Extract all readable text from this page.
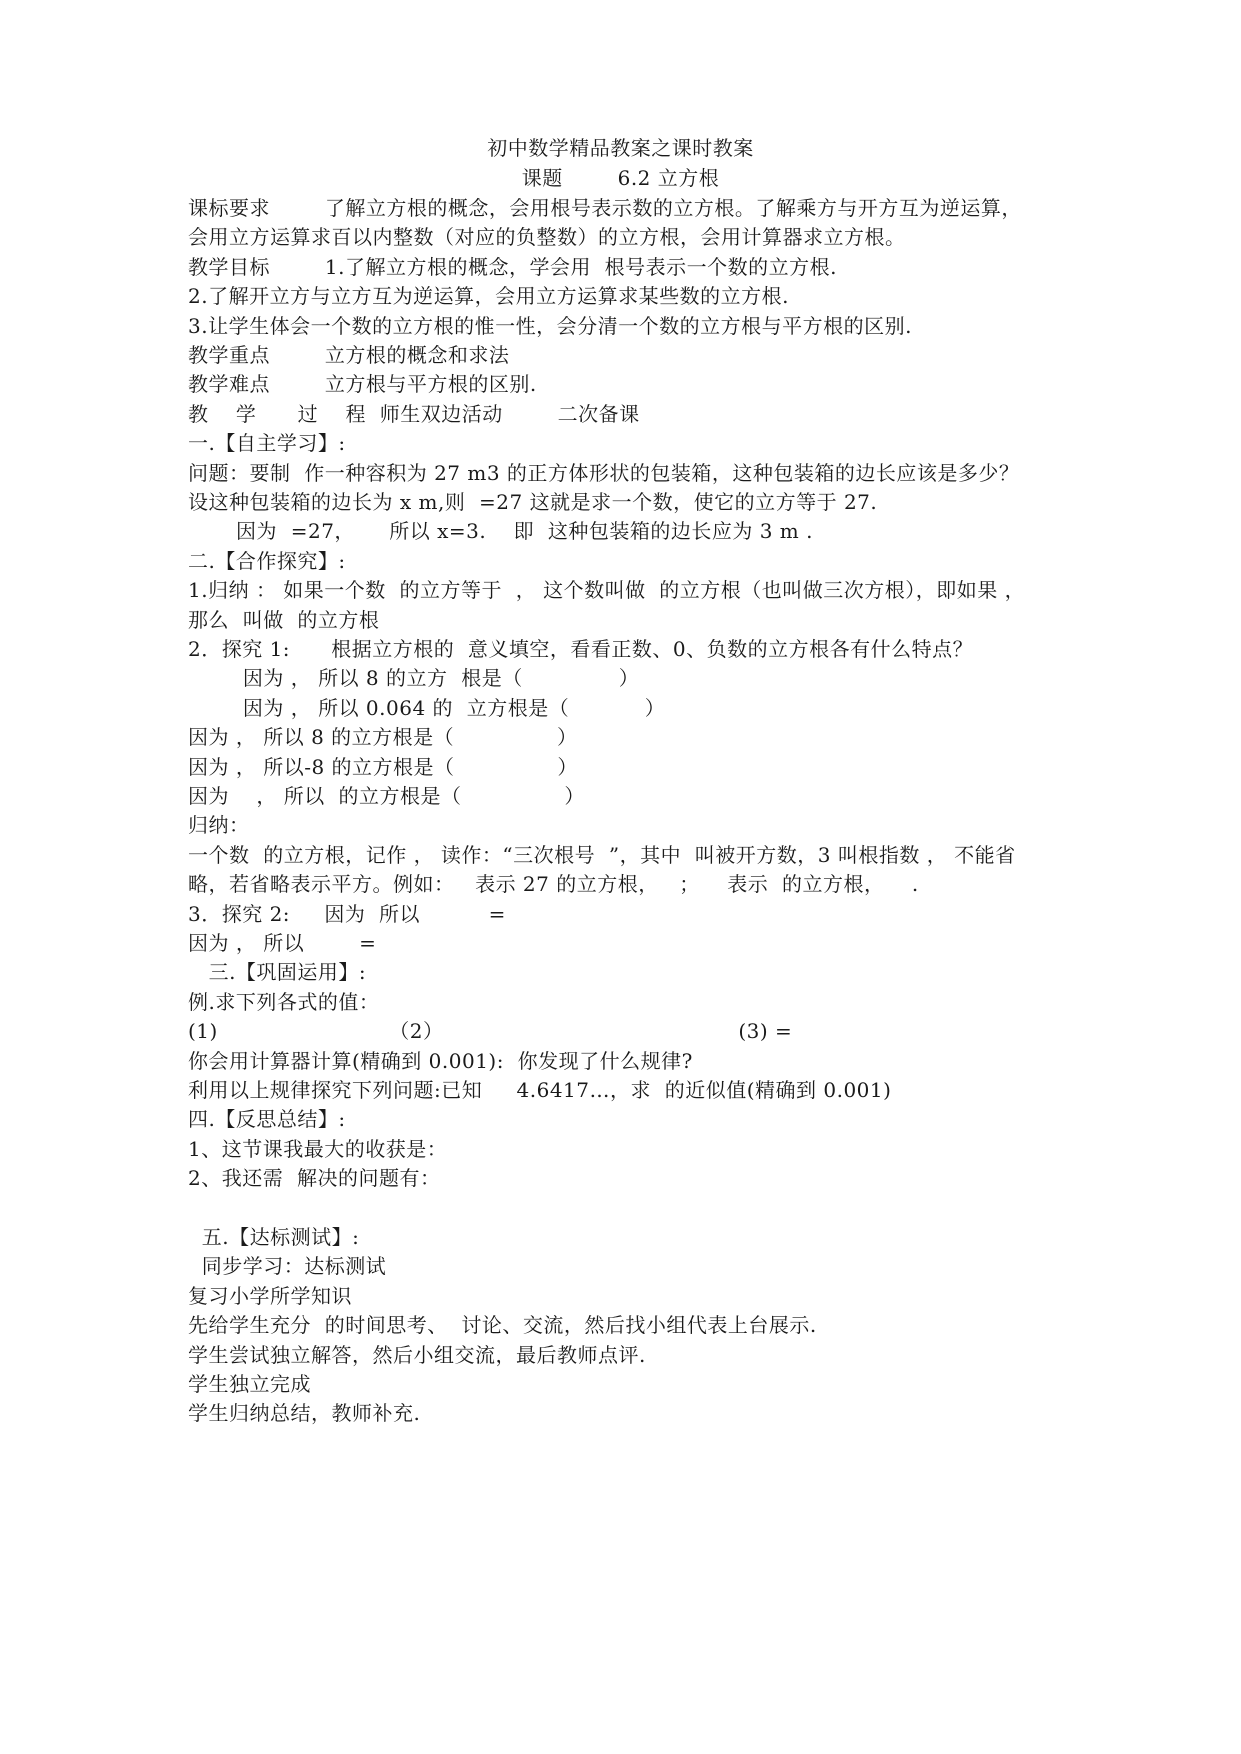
初中数学精品教案之课时教案
课题        6.2 立方根
课标要求        了解立方根的概念，会用根号表示数的立方根。了解乘方与开方互为逆运算，
会用立方运算求百以内整数（对应的负整数）的立方根，会用计算器求立方根。
教学目标        1.了解立方根的概念，学会用  根号表示一个数的立方根.
2.了解开立方与立方互为逆运算，会用立方运算求某些数的立方根.
3.让学生体会一个数的立方根的惟一性，会分清一个数的立方根与平方根的区别.
教学重点        立方根的概念和求法
教学难点        立方根与平方根的区别.
教    学      过    程  师生双边活动        二次备课
一.【自主学习】:
问题：要制  作一种容积为 27 m3 的正方体形状的包装箱，这种包装箱的边长应该是多少？
设这种包装箱的边长为 x m,则  =27 这就是求一个数，使它的立方等于 27.
因为  =27，     所以 x=3.    即  这种包装箱的边长应为 3 m .
二.【合作探究】:
1.归纳 ： 如果一个数  的立方等于  ， 这个数叫做  的立方根（也叫做三次方根），即如果 ，
那么  叫做  的立方根
2．探究 1:      根据立方根的  意义填空，看看正数、0、负数的立方根各有什么特点？
因为 ， 所以 8 的立方  根是（              ）
因为 ， 所以 0.064 的  立方根是（           ）
因为 ， 所以 8 的立方根是（               ）
因为 ， 所以-8 的立方根是（               ）
因为    ， 所以  的立方根是（               ）
归纳：
一个数  的立方根，记作 ， 读作：“三次根号  ”，其中  叫被开方数，3 叫根指数 ， 不能省
略，若省略表示平方。例如：   表示 27 的立方根，   ；    表示  的立方根，    .
3．探究 2:     因为  所以          =
因为 ， 所以        =
三.【巩固运用】:
例.求下列各式的值：
(1)                         （2）                                           (3) =
你会用计算器计算(精确到 0.001):  你发现了什么规律?
利用以上规律探究下列问题:已知     4.6417…，求  的近似值(精确到 0.001)
四.【反思总结】:
1、这节课我最大的收获是：
2、我还需  解决的问题有：
五.【达标测试】:
同步学习：达标测试
复习小学所学知识
先给学生充分  的时间思考、  讨论、交流，然后找小组代表上台展示.
学生尝试独立解答，然后小组交流，最后教师点评.
学生独立完成
学生归纳总结，教师补充.
